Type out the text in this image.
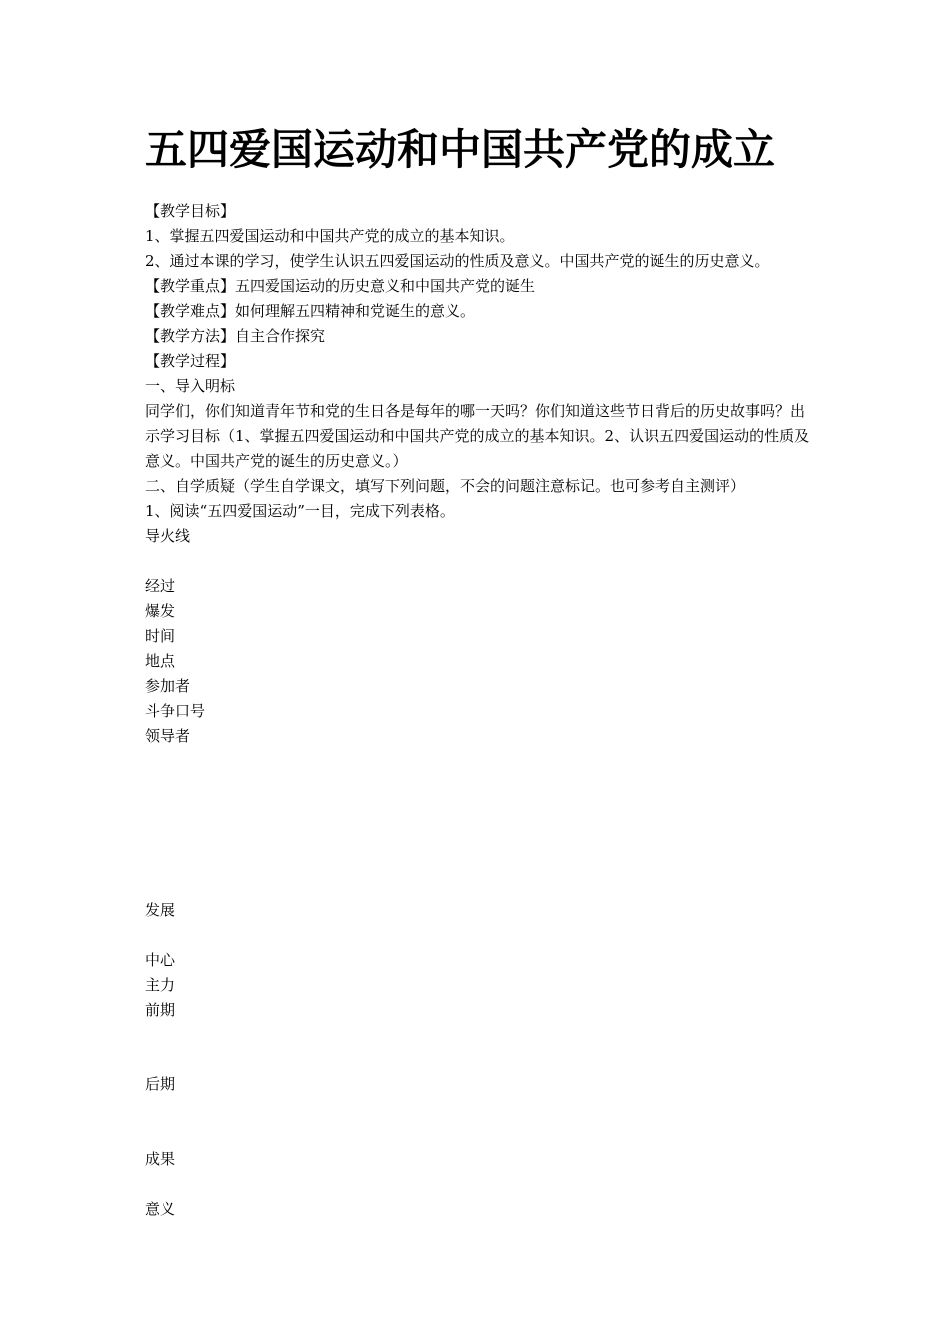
五四爱国运动和中国共产党的成立

【教学目标】

1、掌握五四爱国运动和中国共产党的成立的基本知识。

2、通过本课的学习，使学生认识五四爱国运动的性质及意义。中国共产党的诞生的历史意义。

【教学重点】五四爱国运动的历史意义和中国共产党的诞生

【教学难点】如何理解五四精神和党诞生的意义。

【教学方法】自主合作探究

【教学过程】

一、导入明标

同学们，你们知道青年节和党的生日各是每年的哪一天吗？你们知道这些节日背后的历史故事吗？出示学习目标（1、掌握五四爱国运动和中国共产党的成立的基本知识。2、认识五四爱国运动的性质及意义。中国共产党的诞生的历史意义。）

二、自学质疑（学生自学课文，填写下列问题，不会的问题注意标记。也可参考自主测评）

1、阅读“五四爱国运动”一目，完成下列表格。

导火线

经过

爆发

时间

地点

参加者

斗争口号

领导者

发展

中心

主力

前期

后期

成果

意义
